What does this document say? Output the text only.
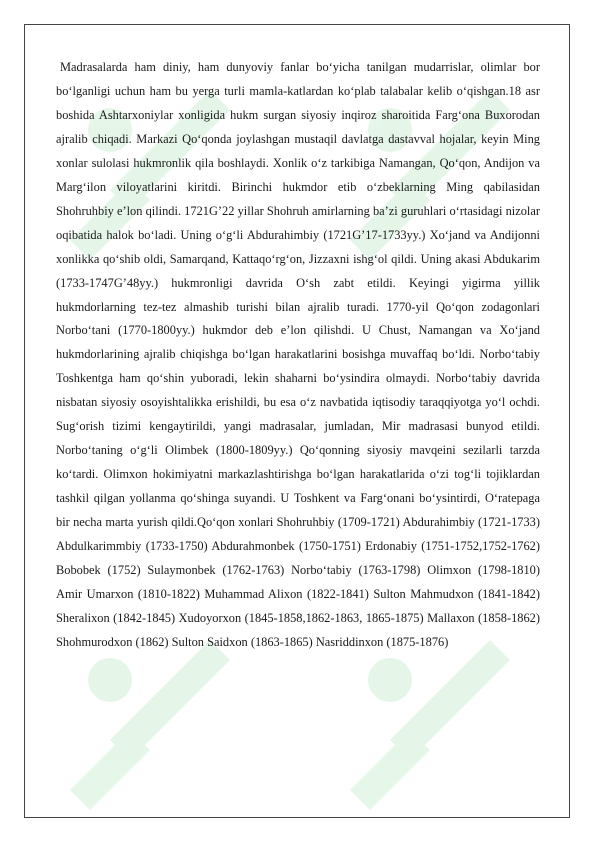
Madrasalarda ham diniy, ham dunyoviy fanlar bo‘yicha tanilgan mudarrislar, olimlar bor bo‘lganligi uchun ham bu yerga turli mamla-katlardan ko‘plab talabalar kelib o‘qishgan.18 asr boshida Ashtarxoniylar xonligida hukm surgan siyosiy inqiroz sharoitida Farg‘ona Buxorodan ajralib chiqadi. Markazi Qo‘qonda joylashgan mustaqil davlatga dastavval hojalar, keyin Ming xonlar sulolasi hukmronlik qila boshlaydi. Xonlik o‘z tarkibiga Namangan, Qo‘qon, Andijon va Marg‘ilon viloyatlarini kiritdi. Birinchi hukmdor etib o‘zbeklarning Ming qabilasidan Shohruhbiy e’lon qilindi. 1721G’22 yillar Shohruh amirlarning ba’zi guruhlari o‘rtasidagi nizolar oqibatida halok bo‘ladi. Uning o‘g‘li Abdurahimbiy (1721G’17-1733yy.) Xo‘jand va Andijonni xonlikka qo‘shib oldi, Samarqand, Kattaqo‘rg‘on, Jizzaxni ishg‘ol qildi. Uning akasi Abdukarim (1733-1747G’48yy.) hukmronligi davrida O‘sh zabt etildi. Keyingi yigirma yillik hukmdorlarning tez-tez almashib turishi bilan ajralib turadi. 1770-yil Qo‘qon zodagonlari Norbo‘tani (1770-1800yy.) hukmdor deb e’lon qilishdi. U Chust, Namangan va Xo‘jand hukmdorlarining ajralib chiqishga bo‘lgan harakatlarini bosishga muvaffaq bo‘ldi. Norbo‘tabiy Toshkentga ham qo‘shin yuboradi, lekin shaharni bo‘ysindira olmaydi. Norbo‘tabiy davrida nisbatan siyosiy osoyishtalikka erishildi, bu esa o‘z navbatida iqtisodiy taraqqiyotga yo‘l ochdi. Sug‘orish tizimi kengaytirildi, yangi madrasalar, jumladan, Mir madrasasi bunyod etildi. Norbo‘taning o‘g‘li Olimbek (1800-1809yy.) Qo‘qonning siyosiy mavqeini sezilarli tarzda ko‘tardi. Olimxon hokimiyatni markazlashtirishga bo‘lgan harakatlarida o‘zi tog‘li tojiklardan tashkil qilgan yollanma qo‘shinga suyandi. U Toshkent va Farg‘onani bo‘ysintirdi, O‘ratepaga bir necha marta yurish qildi.Qo‘qon xonlari Shohruhbiy (1709-1721) Abdurahimbiy (1721-1733) Abdulkarimmbiy (1733-1750) Abdurahmonbek (1750-1751) Erdonabiy (1751-1752,1752-1762) Bobobek (1752) Sulaymonbek (1762-1763) Norbo‘tabiy (1763-1798) Olimxon (1798-1810) Amir Umarxon (1810-1822) Muhammad Alixon (1822-1841) Sulton Mahmudxon (1841-1842) Sheralixon (1842-1845) Xudoyorxon (1845-1858,1862-1863, 1865-1875) Mallaxon (1858-1862) Shohmurodxon (1862) Sulton Saidxon (1863-1865) Nasriddinxon (1875-1876)
